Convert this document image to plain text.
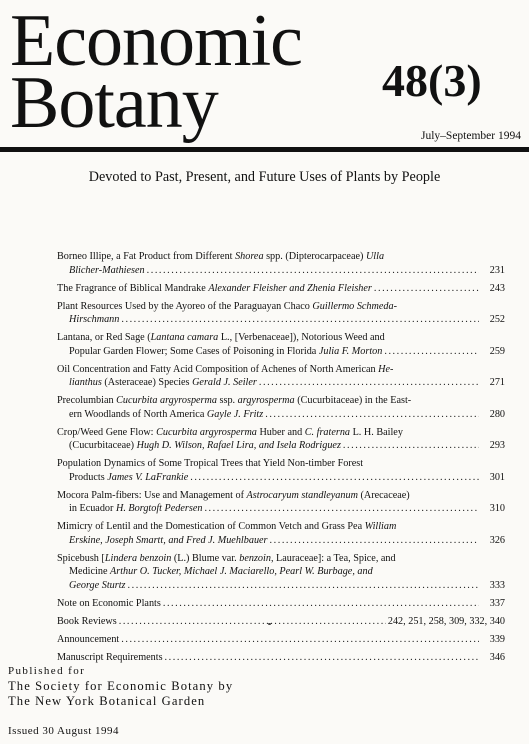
Economic
Botany	48(3)
July–September 1994
Devoted to Past, Present, and Future Uses of Plants by People
Borneo Illipe, a Fat Product from Different Shorea spp. (Dipterocarpaceae) Ulla
Blicher-Mathiesen . . .	231
The Fragrance of Biblical Mandrake Alexander Fleisher and Zhenia Fleisher . . .	243
Plant Resources Used by the Ayoreo of the Paraguayan Chaco Guillermo Schmeda-
Hirschmann . . .	252
Lantana, or Red Sage (Lantana camara L., [Verbenaceae]), Notorious Weed and
Popular Garden Flower; Some Cases of Poisoning in Florida Julia F. Morton . . .	259
Oil Concentration and Fatty Acid Composition of Achenes of North American He-
lianthus (Asteraceae) Species Gerald J. Seiler . . .	271
Precolumbian Cucurbita argyrosperma ssp. argyrosperma (Cucurbitaceae) in the East-
ern Woodlands of North America Gayle J. Fritz . . .	280
Crop/Weed Gene Flow: Cucurbita argyrosperma Huber and C. fraterna L. H. Bailey
(Cucurbitaceae) Hugh D. Wilson, Rafael Lira, and Isela Rodriguez . . .	293
Population Dynamics of Some Tropical Trees that Yield Non-timber Forest
Products James V. LaFrankie . . .	301
Mocora Palm-fibers: Use and Management of Astrocaryum standleyanum (Arecaceae)
in Ecuador H. Borgtoft Pedersen . . .	310
Mimicry of Lentil and the Domestication of Common Vetch and Grass Pea William
Erskine, Joseph Smartt, and Fred J. Muehlbauer . . .	326
Spicebush [Lindera benzoin (L.) Blume var. benzoin, Lauraceae]: a Tea, Spice, and
Medicine Arthur O. Tucker, Michael J. Maciarello, Pearl W. Burbage, and
George Sturtz . . .	333
Note on Economic Plants . . .	337
Book Reviews . . .	242, 251, 258, 309, 332, 340
Announcement . . .	339
Manuscript Requirements . . .	346
Published for
The Society for Economic Botany by
The New York Botanical Garden
Issued 30 August 1994
